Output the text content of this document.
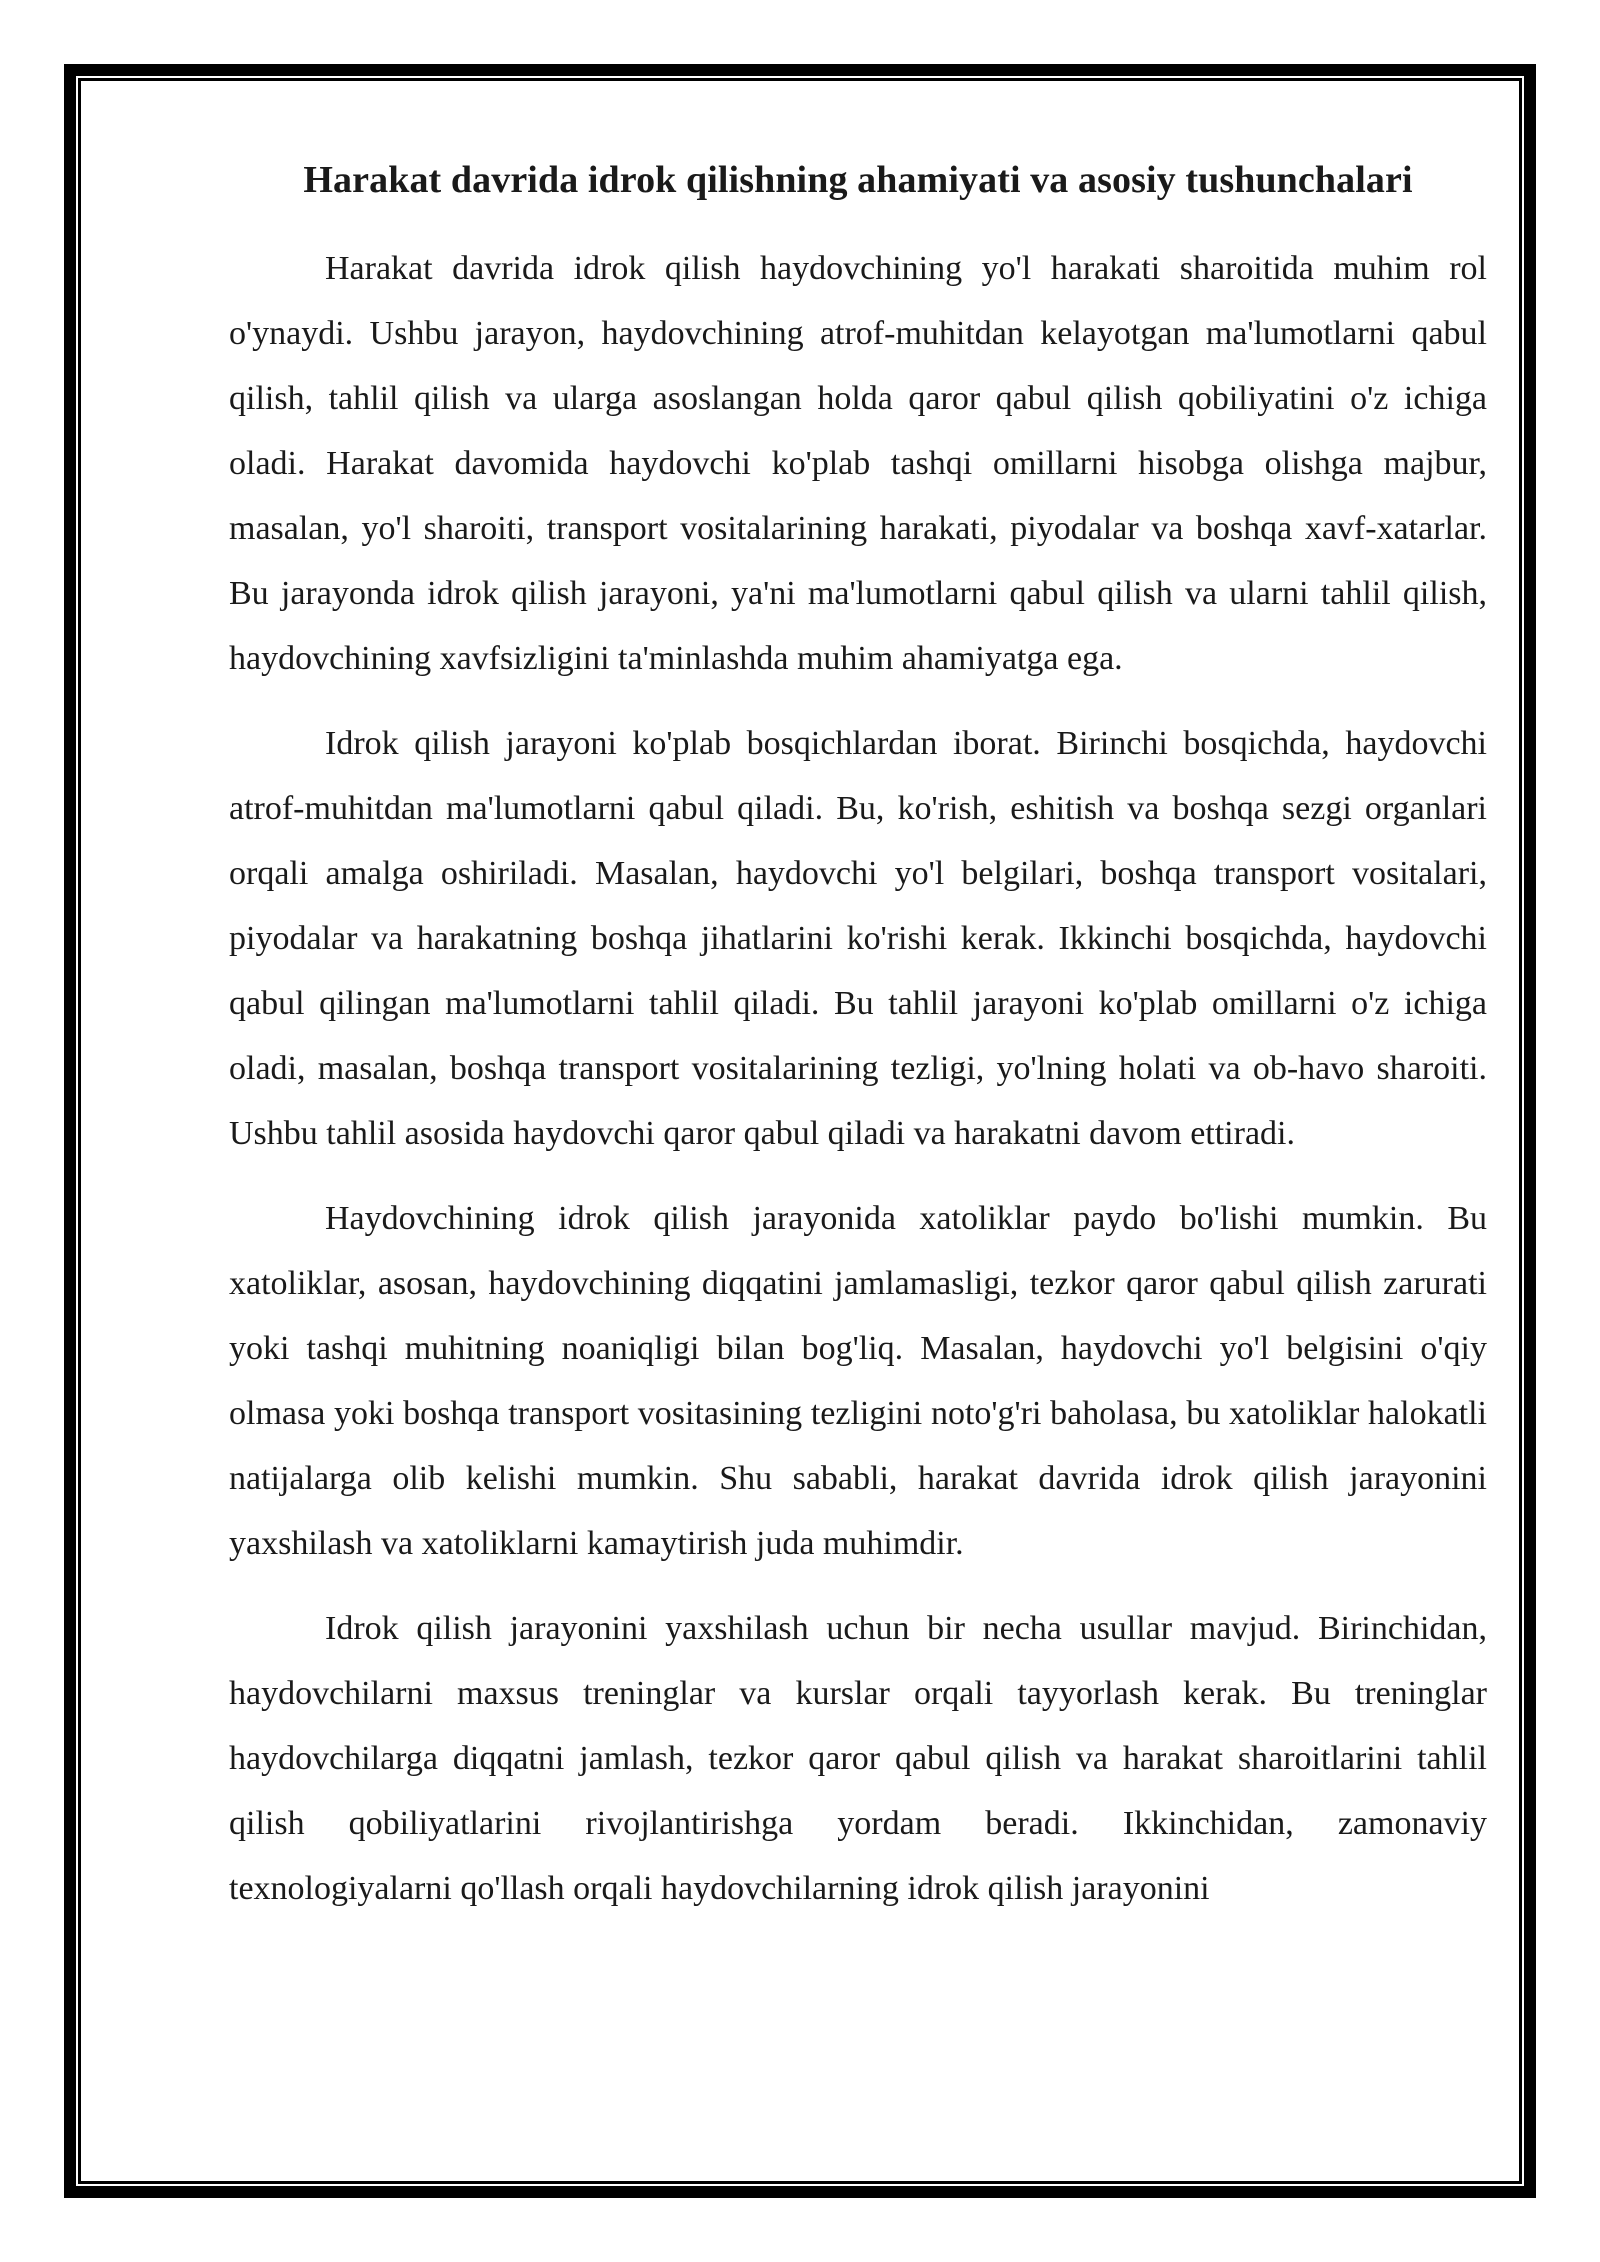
Harakat davrida idrok qilishning ahamiyati va asosiy tushunchalari

Harakat davrida idrok qilish haydovchining yo'l harakati sharoitida muhim rol o'ynaydi. Ushbu jarayon, haydovchining atrof-muhitdan kelayotgan ma'lumotlarni qabul qilish, tahlil qilish va ularga asoslangan holda qaror qabul qilish qobiliyatini o'z ichiga oladi. Harakat davomida haydovchi ko'plab tashqi omillarni hisobga olishga majbur, masalan, yo'l sharoiti, transport vositalarining harakati, piyodalar va boshqa xavf-xatarlar. Bu jarayonda idrok qilish jarayoni, ya'ni ma'lumotlarni qabul qilish va ularni tahlil qilish, haydovchining xavfsizligini ta'minlashda muhim ahamiyatga ega.

Idrok qilish jarayoni ko'plab bosqichlardan iborat. Birinchi bosqichda, haydovchi atrof-muhitdan ma'lumotlarni qabul qiladi. Bu, ko'rish, eshitish va boshqa sezgi organlari orqali amalga oshiriladi. Masalan, haydovchi yo'l belgilari, boshqa transport vositalari, piyodalar va harakatning boshqa jihatlarini ko'rishi kerak. Ikkinchi bosqichda, haydovchi qabul qilingan ma'lumotlarni tahlil qiladi. Bu tahlil jarayoni ko'plab omillarni o'z ichiga oladi, masalan, boshqa transport vositalarining tezligi, yo'lning holati va ob-havo sharoiti. Ushbu tahlil asosida haydovchi qaror qabul qiladi va harakatni davom ettiradi.

Haydovchining idrok qilish jarayonida xatoliklar paydo bo'lishi mumkin. Bu xatoliklar, asosan, haydovchining diqqatini jamlamasligi, tezkor qaror qabul qilish zarurati yoki tashqi muhitning noaniqligi bilan bog'liq. Masalan, haydovchi yo'l belgisini o'qiy olmasa yoki boshqa transport vositasining tezligini noto'g'ri baholasa, bu xatoliklar halokatli natijalarga olib kelishi mumkin. Shu sababli, harakat davrida idrok qilish jarayonini yaxshilash va xatoliklarni kamaytirish juda muhimdir.

Idrok qilish jarayonini yaxshilash uchun bir necha usullar mavjud. Birinchidan, haydovchilarni maxsus treninglar va kurslar orqali tayyorlash kerak. Bu treninglar haydovchilarga diqqatni jamlash, tezkor qaror qabul qilish va harakat sharoitlarini tahlil qilish qobiliyatlarini rivojlantirishga yordam beradi. Ikkinchidan, zamonaviy texnologiyalarni qo'llash orqali haydovchilarning idrok qilish jarayonini
